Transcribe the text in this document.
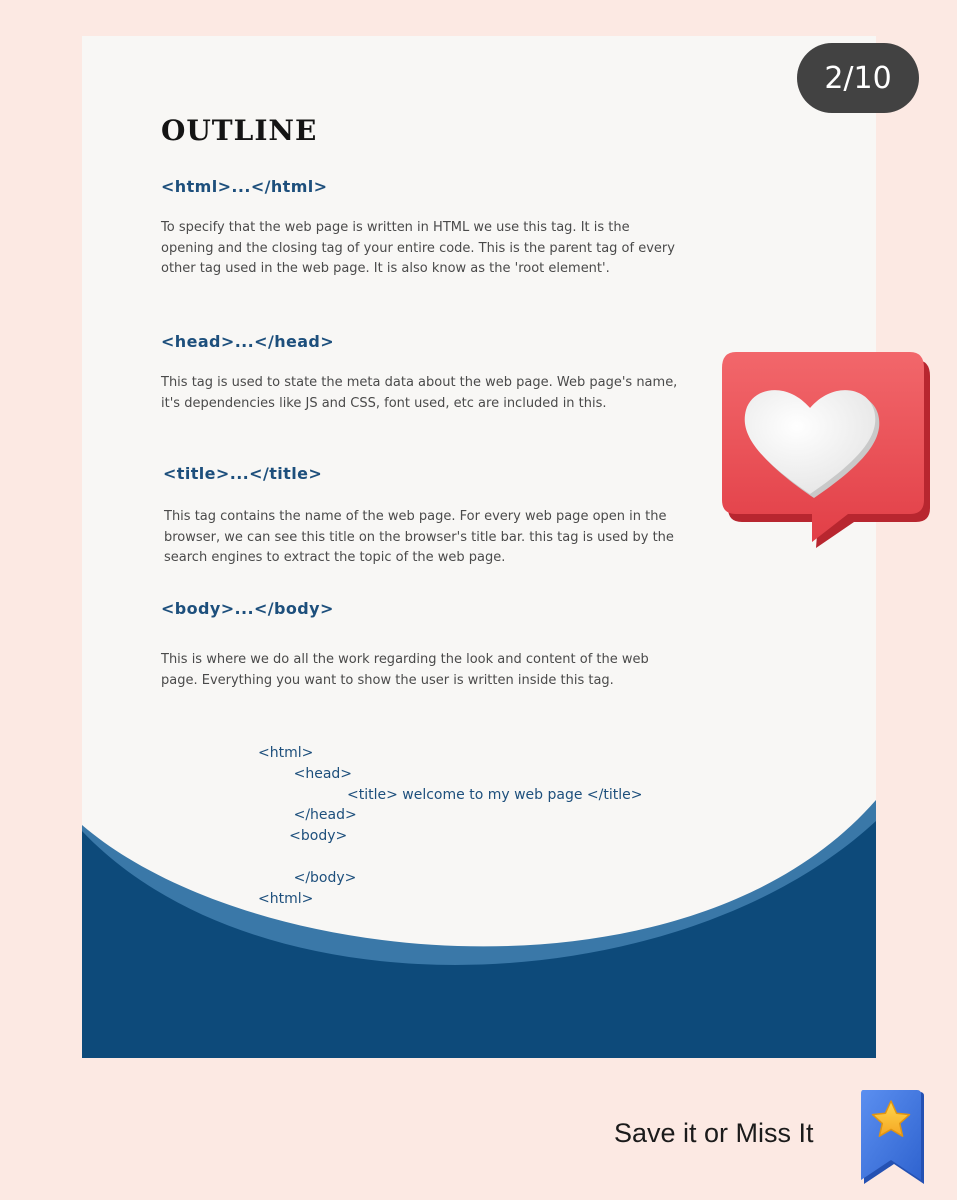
OUTLINE
<html>...</html>

To specify that the web page is written in HTML we use this tag. It is the opening and the closing tag of your entire code. This is the parent tag of every other tag used in the web page. It is also know as the 'root element'.

<head>...</head>

This tag is used to state the meta data about the web page. Web page's name, it's dependencies like JS and CSS, font used, etc are included in this.

<title>...</title>

This tag contains the name of the web page. For every web page open in the browser, we can see this title on the browser's title bar. this tag is used by the search engines to extract the topic of the web page.

<body>...</body>

This is where we do all the work regarding the look and content of the web page. Everything you want to show the user is written inside this tag.

<html>
<head>
<title> welcome to my web page </title>
</head>
<body>
</body>
<html>
2/10
Save it or Miss It
